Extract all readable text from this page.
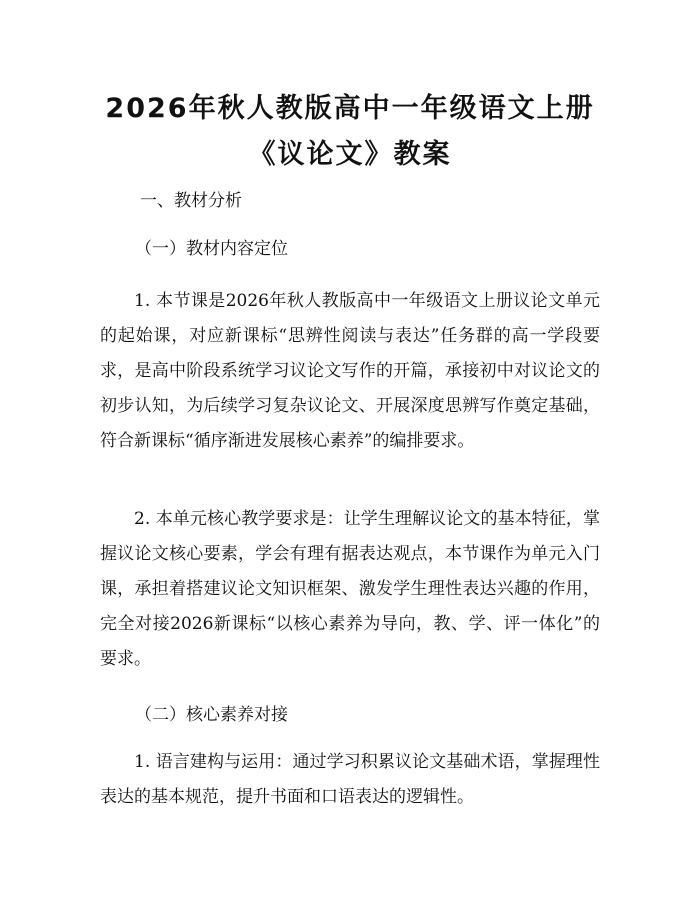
2026年秋人教版高中一年级语文上册《议论文》教案
一、教材分析
（一）教材内容定位
1. 本节课是2026年秋人教版高中一年级语文上册议论文单元的起始课，对应新课标“思辨性阅读与表达”任务群的高一学段要求，是高中阶段系统学习议论文写作的开篇，承接初中对议论文的初步认知，为后续学习复杂议论文、开展深度思辨写作奠定基础，符合新课标“循序渐进发展核心素养”的编排要求。
2. 本单元核心教学要求是：让学生理解议论文的基本特征，掌握议论文核心要素，学会有理有据表达观点，本节课作为单元入门课，承担着搭建议论文知识框架、激发学生理性表达兴趣的作用，完全对接2026新课标“以核心素养为导向，教、学、评一体化”的要求。
（二）核心素养对接
1. 语言建构与运用：通过学习积累议论文基础术语，掌握理性表达的基本规范，提升书面和口语表达的逻辑性。
